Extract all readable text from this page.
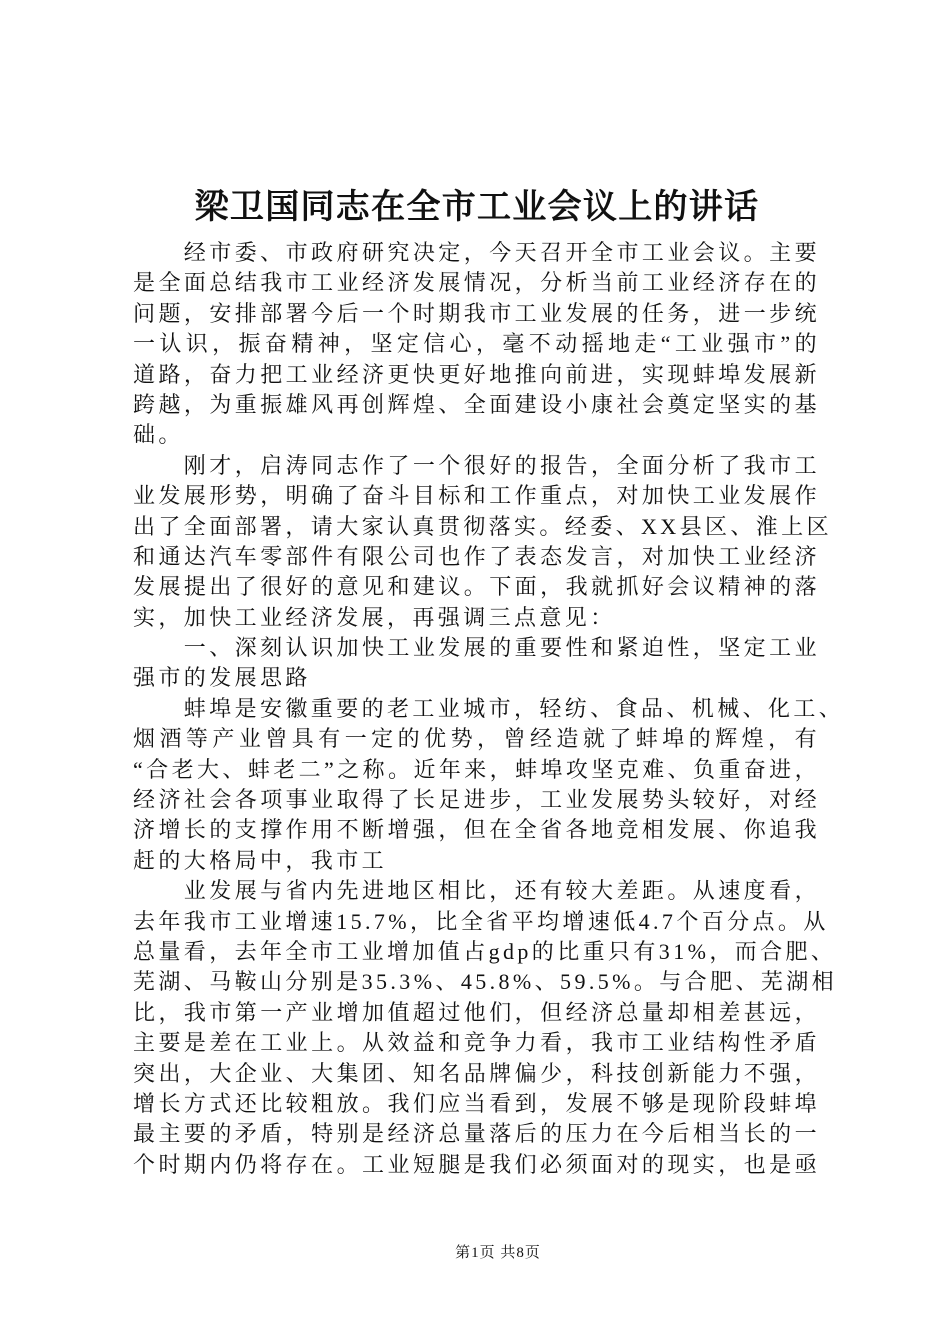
梁卫国同志在全市工业会议上的讲话
经市委、市政府研究决定，今天召开全市工业会议。主要
是全面总结我市工业经济发展情况，分析当前工业经济存在的
问题，安排部署今后一个时期我市工业发展的任务，进一步统
一认识，振奋精神，坚定信心，毫不动摇地走“工业强市”的
道路，奋力把工业经济更快更好地推向前进，实现蚌埠发展新
跨越，为重振雄风再创辉煌、全面建设小康社会奠定坚实的基
础。
刚才，启涛同志作了一个很好的报告，全面分析了我市工
业发展形势，明确了奋斗目标和工作重点，对加快工业发展作
出了全面部署，请大家认真贯彻落实。经委、XX县区、淮上区
和通达汽车零部件有限公司也作了表态发言，对加快工业经济
发展提出了很好的意见和建议。下面，我就抓好会议精神的落
实，加快工业经济发展，再强调三点意见：
一、深刻认识加快工业发展的重要性和紧迫性，坚定工业
强市的发展思路
蚌埠是安徽重要的老工业城市，轻纺、食品、机械、化工、
烟酒等产业曾具有一定的优势，曾经造就了蚌埠的辉煌，有
“合老大、蚌老二”之称。近年来，蚌埠攻坚克难、负重奋进，
经济社会各项事业取得了长足进步，工业发展势头较好，对经
济增长的支撑作用不断增强，但在全省各地竞相发展、你追我
赶的大格局中，我市工
业发展与省内先进地区相比，还有较大差距。从速度看，
去年我市工业增速15.7%，比全省平均增速低4.7个百分点。从
总量看，去年全市工业增加值占gdp的比重只有31%，而合肥、
芜湖、马鞍山分别是35.3%、45.8%、59.5%。与合肥、芜湖相
比，我市第一产业增加值超过他们，但经济总量却相差甚远，
主要是差在工业上。从效益和竞争力看，我市工业结构性矛盾
突出，大企业、大集团、知名品牌偏少，科技创新能力不强，
增长方式还比较粗放。我们应当看到，发展不够是现阶段蚌埠
最主要的矛盾，特别是经济总量落后的压力在今后相当长的一
个时期内仍将存在。工业短腿是我们必须面对的现实，也是亟
第1页 共8页
